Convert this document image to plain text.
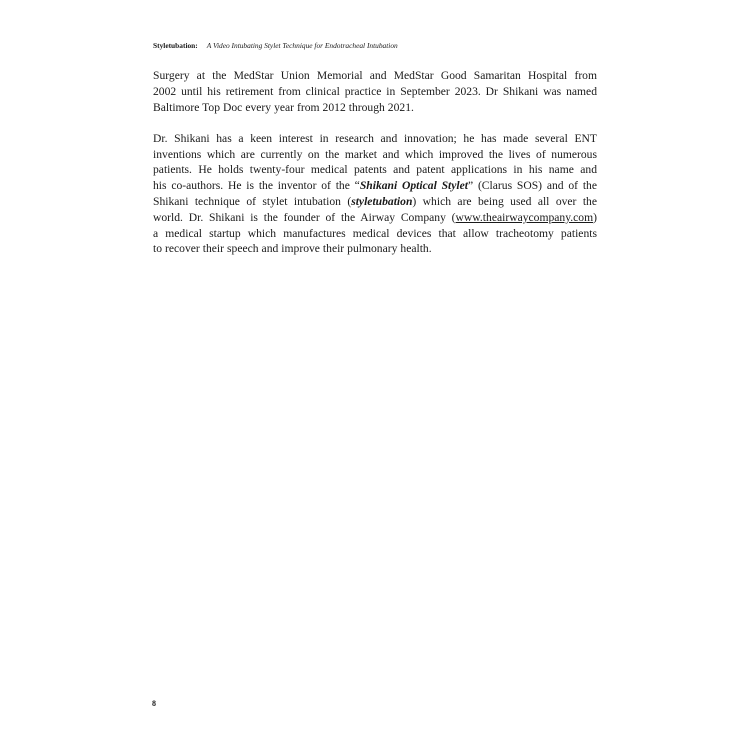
Styletubation: A Video Intubating Stylet Technique for Endotracheal Intubation

Surgery at the MedStar Union Memorial and MedStar Good Samaritan Hospital from
2002 until his retirement from clinical practice in September 2023. Dr Shikani was named
Baltimore Top Doc every year from 2012 through 2021.

Dr. Shikani has a keen interest in research and innovation; he has made several ENT
inventions which are currently on the market and which improved the lives of numerous
patients. He holds twenty-four medical patents and patent applications in his name and
his co-authors. He is the inventor of the “Shikani Optical Stylet” (Clarus SOS) and of the
Shikani technique of stylet intubation (styletubation) which are being used all over the
world. Dr. Shikani is the founder of the Airway Company (www.theairwaycompany.com)
a medical startup which manufactures medical devices that allow tracheotomy patients
to recover their speech and improve their pulmonary health.

8
